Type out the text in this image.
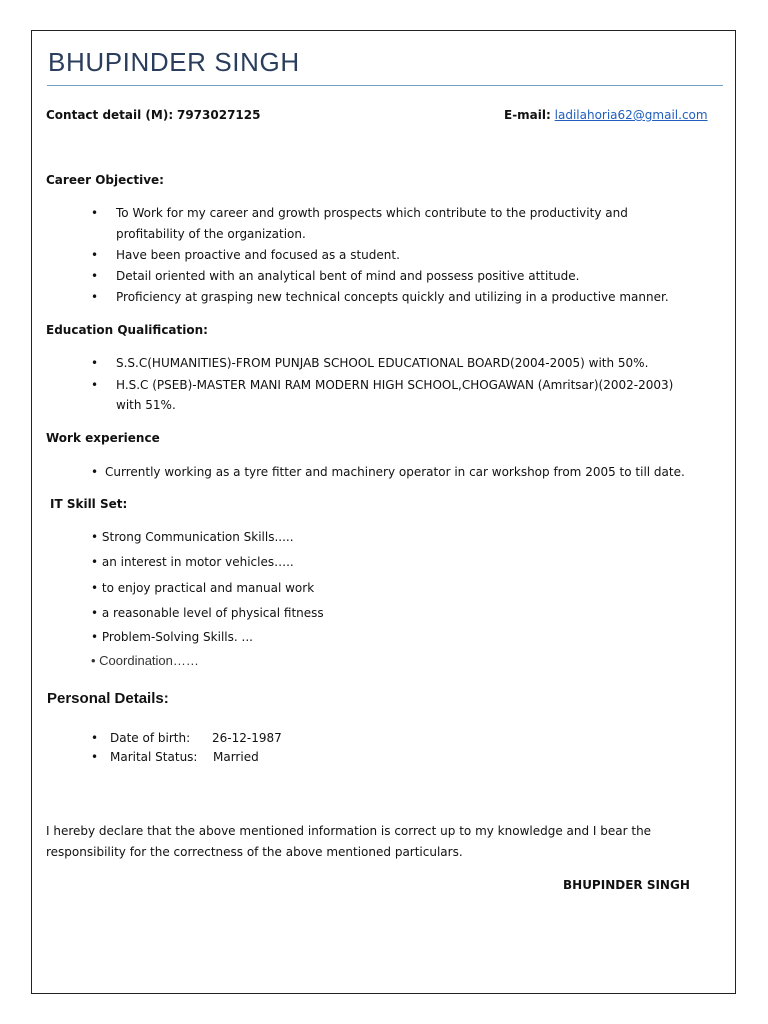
BHUPINDER SINGH
Contact detail (M): 7973027125	E-mail: ladilahoria62@gmail.com
Career Objective:
• To Work for my career and growth prospects which contribute to the productivity and
profitability of the organization.
• Have been proactive and focused as a student.
• Detail oriented with an analytical bent of mind and possess positive attitude.
• Proficiency at grasping new technical concepts quickly and utilizing in a productive manner.
Education Qualification:
• S.S.C(HUMANITIES)-FROM PUNJAB SCHOOL EDUCATIONAL BOARD(2004-2005) with 50%.
• H.S.C (PSEB)-MASTER MANI RAM MODERN HIGH SCHOOL,CHOGAWAN (Amritsar)(2002-2003)
with 51%.
Work experience
• Currently working as a tyre fitter and machinery operator in car workshop from 2005 to till date.
IT Skill Set:
• Strong Communication Skills.....
• an interest in motor vehicles…..
• to enjoy practical and manual work
• a reasonable level of physical fitness
• Problem-Solving Skills. ...
• Coordination……
Personal Details:
• Date of birth: 26-12-1987
• Marital Status: Married
I hereby declare that the above mentioned information is correct up to my knowledge and I bear the
responsibility for the correctness of the above mentioned particulars.
BHUPINDER SINGH
